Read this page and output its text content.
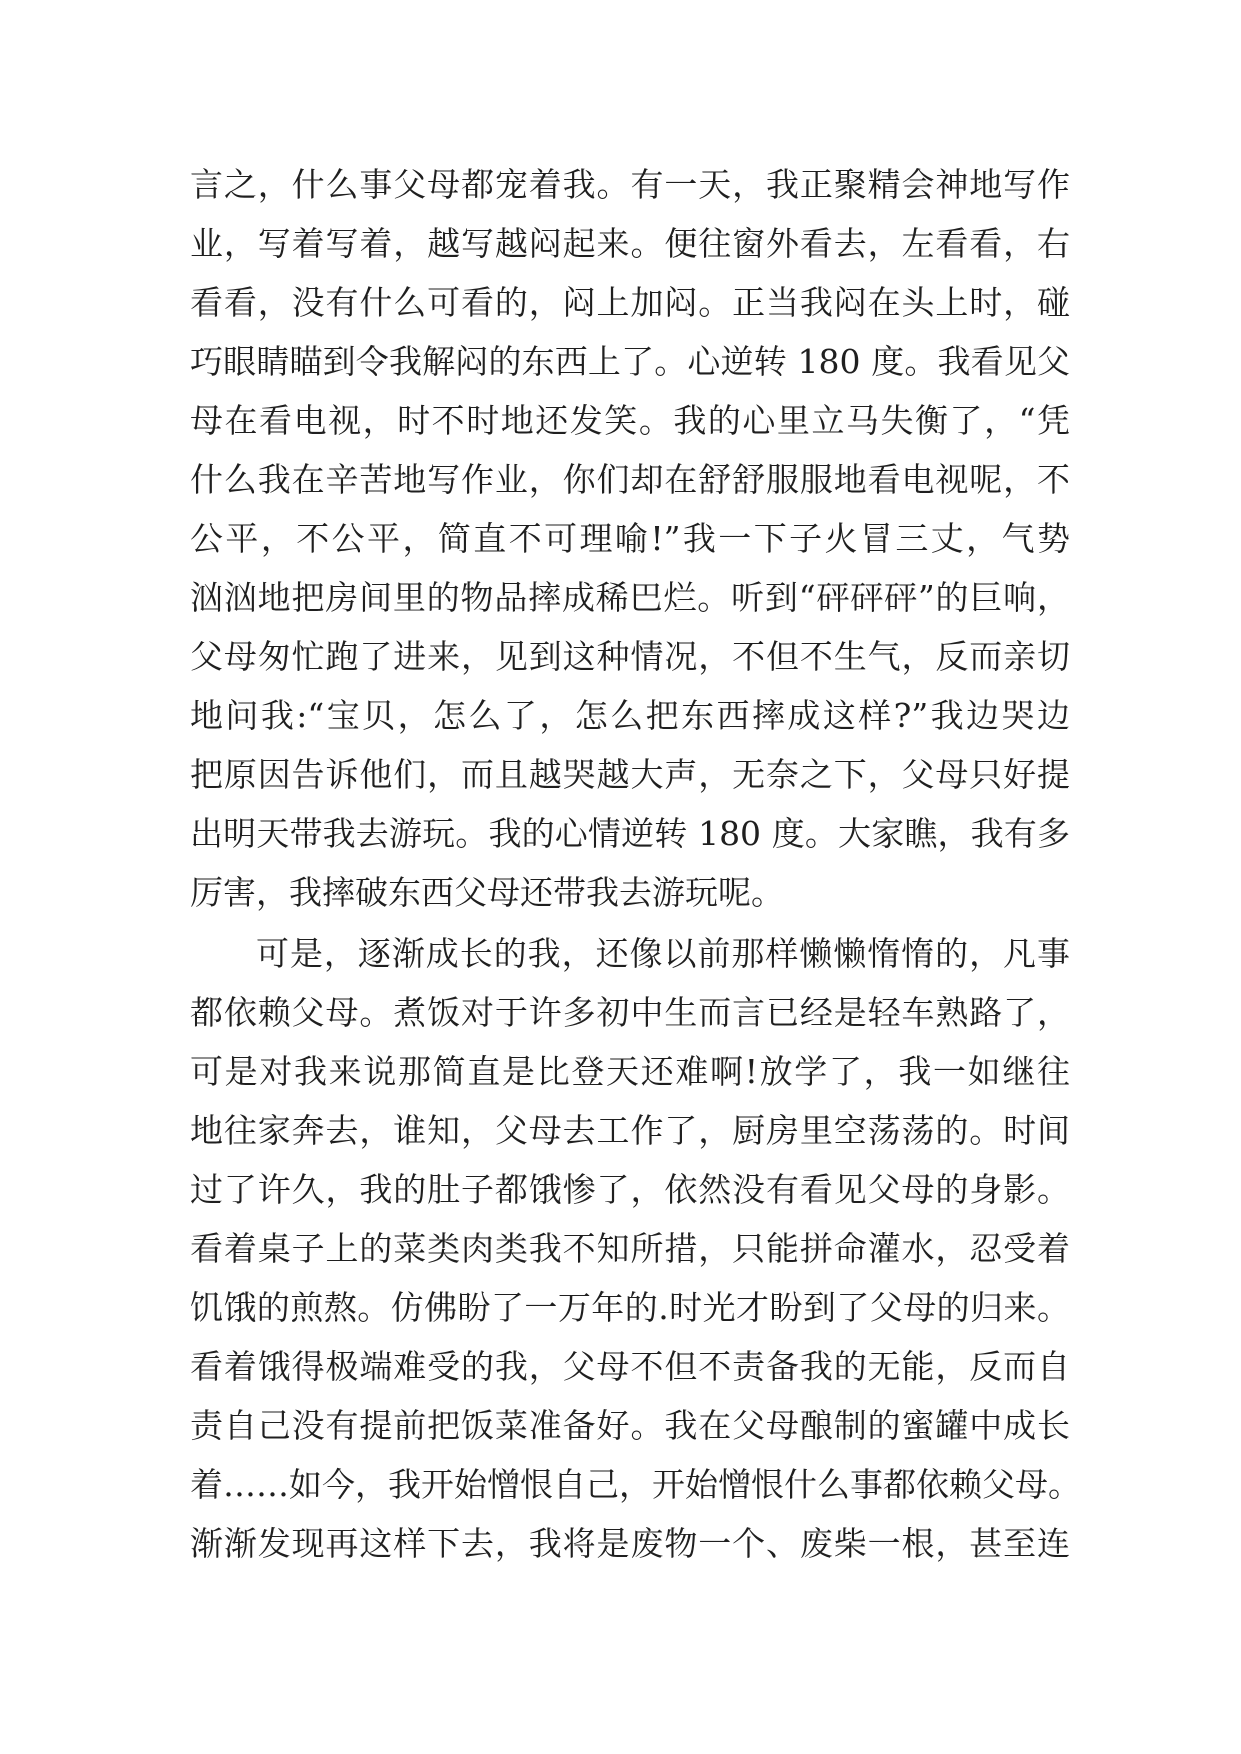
言之，什么事父母都宠着我。有一天，我正聚精会神地写作
业，写着写着，越写越闷起来。便往窗外看去，左看看，右
看看，没有什么可看的，闷上加闷。正当我闷在头上时，碰
巧眼睛瞄到令我解闷的东西上了。心逆转 180 度。我看见父
母在看电视，时不时地还发笑。我的心里立马失衡了，“凭
什么我在辛苦地写作业，你们却在舒舒服服地看电视呢，不
公平，不公平，简直不可理喻!”我一下子火冒三丈，气势
汹汹地把房间里的物品摔成稀巴烂。听到“砰砰砰”的巨响，
父母匆忙跑了进来，见到这种情况，不但不生气，反而亲切
地问我:“宝贝，怎么了，怎么把东西摔成这样?”我边哭边
把原因告诉他们，而且越哭越大声，无奈之下，父母只好提
出明天带我去游玩。我的心情逆转 180 度。大家瞧，我有多
厉害，我摔破东西父母还带我去游玩呢。
可是，逐渐成长的我，还像以前那样懒懒惰惰的，凡事
都依赖父母。煮饭对于许多初中生而言已经是轻车熟路了，
可是对我来说那简直是比登天还难啊!放学了，我一如继往
地往家奔去，谁知，父母去工作了，厨房里空荡荡的。时间
过了许久，我的肚子都饿惨了，依然没有看见父母的身影。
看着桌子上的菜类肉类我不知所措，只能拼命灌水，忍受着
饥饿的煎熬。仿佛盼了一万年的.时光才盼到了父母的归来。
看着饿得极端难受的我，父母不但不责备我的无能，反而自
责自己没有提前把饭菜准备好。我在父母酿制的蜜罐中成长
着……如今，我开始憎恨自己，开始憎恨什么事都依赖父母。
渐渐发现再这样下去，我将是废物一个、废柴一根，甚至连
